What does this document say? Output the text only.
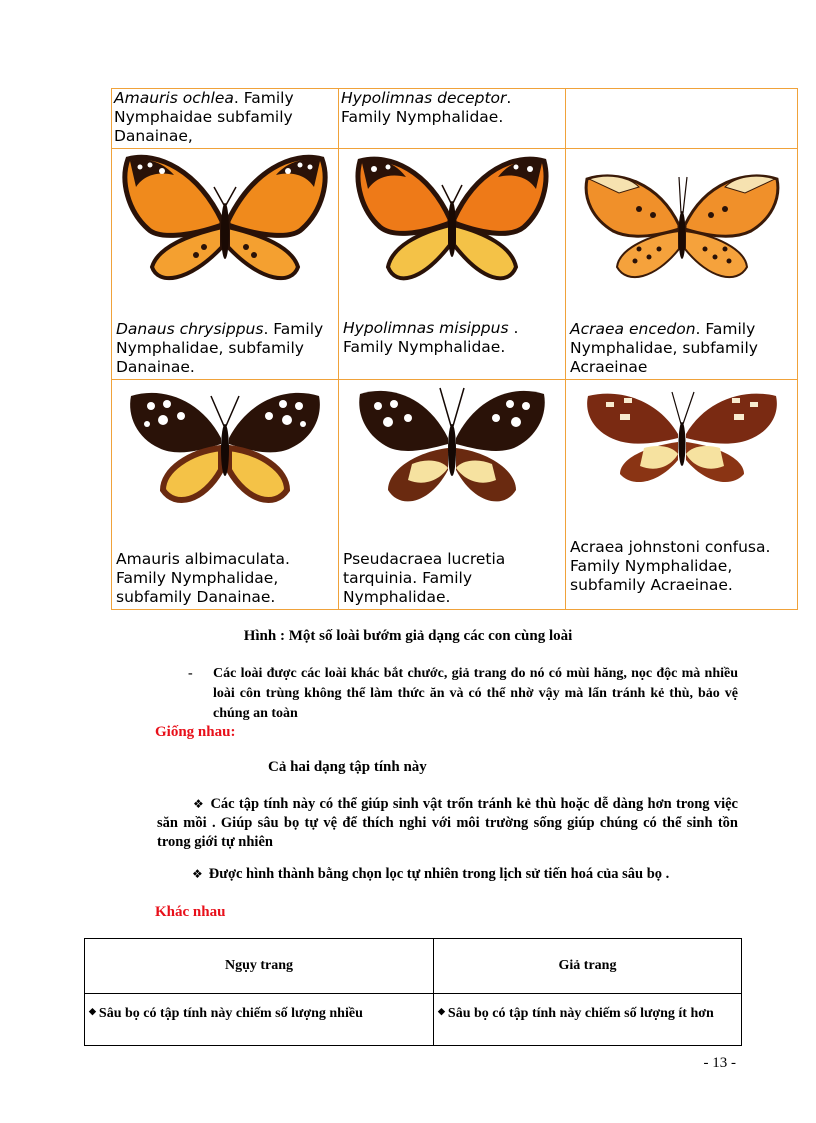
Amauris ochlea. Family Nymphaidae subfamily Danainae,	Hypolimnas deceptor. Family Nymphalidae.	

Danaus chrysippus. Family Nymphalidae, subfamily Danainae.	Hypolimnas misippus . Family Nymphalidae.	Acraea encedon. Family Nymphalidae, subfamily Acraeinae

Amauris albimaculata. Family Nymphalidae, subfamily Danainae.	Pseudacraea lucretia tarquinia. Family Nymphalidae.	Acraea johnstoni confusa. Family Nymphalidae, subfamily Acraeinae.
Hình : Một số loài bướm giả dạng các con cùng loài
- Các loài được các loài khác bắt chước, giả trang do nó có mùi hăng, nọc độc mà nhiều loài côn trùng không thể làm thức ăn và có thể nhờ vậy mà lẩn tránh kẻ thù, bảo vệ chúng an toàn
Giống nhau:
Cả hai dạng tập tính này
❖ Các tập tính này có thể giúp sinh vật trốn tránh kẻ thù hoặc dễ dàng hơn trong việc săn mồi . Giúp sâu bọ tự vệ để thích nghi với môi trường sống giúp chúng có thể sinh tồn trong giới tự nhiên
❖ Được hình thành bằng chọn lọc tự nhiên trong lịch sử tiến hoá của sâu bọ .
Khác nhau
Ngụy trang	Giả trang
◆ Sâu bọ có tập tính này chiếm số lượng nhiều	◆ Sâu bọ có tập tính này chiếm số lượng ít hơn
- 13 -
